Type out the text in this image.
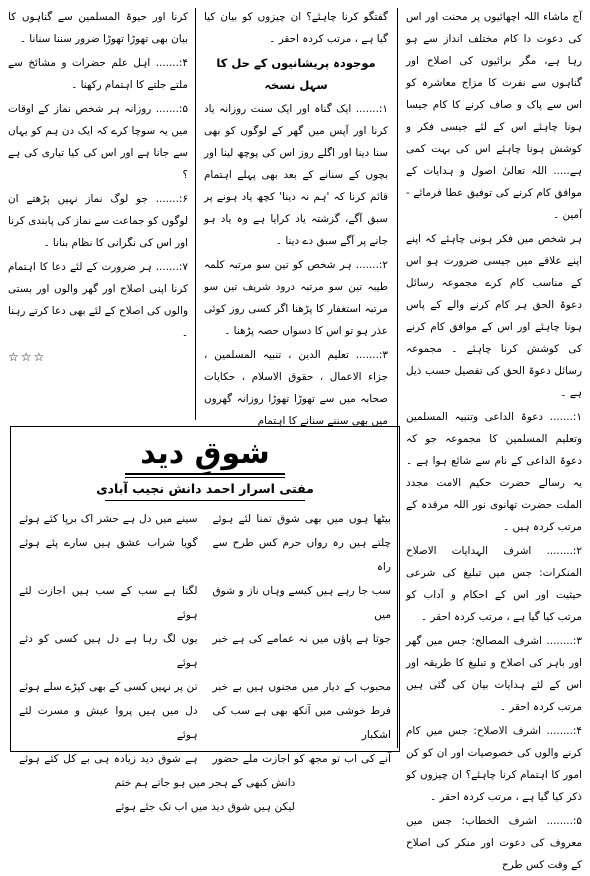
آج ماشاء اللہ اچھائیوں پر محنت اور اس کی دعوت دا کام مختلف انداز سے ہو رہا ہے، مگر برائیوں کی اصلاح اور گناہوں سے نفرت کا مزاج معاشرہ کو اس سے پاک و صاف کرنے کا کام جیسا ہونا چاہئے اس کے لئے جیسی فکر و کوشش ہونا چاہئے اس کی بہت کمی ہے..... اللہ تعالیٰ اصول و ہدایات کے موافق کام کرنے کی توفیق عطا فرمائے - آمین ۔

ہر شخص میں فکر ہونی چاہئے کہ اپنے اپنے علاقے میں جیسی ضرورت ہو اس کے مناسب کام کرے مجموعہ رسائل دعوۃ الحق ہر کام کرنے والے کے پاس ہونا چاہئے اور اس کے موافق کام کرنے کی کوشش کرنا چاہئے ۔ مجموعہ رسائل دعوۃ الحق کی تفصیل حسب ذیل ہے ۔

۱:....... دعوۃ الداعی وتنبیہ المسلمین وتعلیم المسلمین کا مجموعہ جو کہ دعوۃ الداعی کے نام سے شائع ہوا ہے ۔ یہ رسالے حضرت حکیم الامت مجدد الملت حضرت تھانوی نور اللہ مرقدہ کے مرتب کردہ ہیں ۔

۲:........ اشرف الہدایات الاصلاح المنکرات: جس میں تبلیغ کی شرعی حیثیت اور اس کے احکام و آداب کو مرتب کیا گیا ہے ، مرتب کردہ احقر ۔

۳:........ اشرف المصالح: جس میں گھر اور باہر کی اصلاح و تبلیغ کا طریقہ اور اس کے لئے ہدایات بیان کی گئی ہیں مرتب کردہ احقر ۔

۴:........ اشرف الاصلاح: جس میں کام کرنے والوں کی خصوصیات اور ان کو کن امور کا اہتمام کرنا چاہئے؟ ان چیزوں کو ذکر کیا گیا ہے ، مرتب کردہ احقر ۔

۵:........ اشرف الخطاب: جس میں معروف کی دعوت اور منکر کی اصلاح کے وقت کس طرح

گفتگو کرنا چاہئے؟ ان چیزوں کو بیان کیا گیا ہے ، مرتب کردہ احقر ۔

موجودہ پریشانیوں کے حل کا سہل نسخہ

۱:....... ایک گناہ اور ایک سنت روزانہ یاد کرنا اور آپس میں گھر کے لوگوں کو بھی سنا دینا اور اگلے روز اس کی پوچھ لینا اور بچوں کے سنانے کے بعد بھی پہلے اہتمام قائم کرنا کہ 'ہم نہ دینا' کچھ یاد ہونے پر سبق آگے، گزشتہ یاد کرایا ہے وہ یاد ہو جانے پر آگے سبق دے دینا ۔

۲:....... ہر شخص کو تین سو مرتبہ کلمہ طیبہ تین سو مرتبہ درود شریف تین سو مرتبہ استغفار کا پڑھنا اگر کسی روز کوئی عذر ہو تو اس کا دسواں حصہ پڑھنا ۔

۳:....... تعلیم الدین ، تنبیہ المسلمین ، جزاء الاعمال ، حقوق الاسلام ، حکایات صحابہ میں سے تھوڑا تھوڑا روزانہ گھروں میں بھی سننے سنانے کا اہتمام

کرنا اور حیوۃ المسلمین سے گناہوں کا بیان بھی تھوڑا تھوڑا ضرور سننا سنانا ۔

۴:....... اہل علم حضرات و مشائخ سے ملتے جلتے کا اہتمام رکھنا ۔

۵:....... روزانہ ہر شخص نماز کے اوقات میں یہ سوچا کرے کہ ایک دن ہم کو یہاں سے جانا ہے اور اس کی کیا تیاری کی ہے ؟

۶:....... جو لوگ نماز نہیں پڑھتے ان لوگوں کو جماعت سے نماز کی پابندی کرنا اور اس کی نگرانی کا نظام بنانا ۔

۷:....... ہر ضرورت کے لئے دعا کا اہتمام کرنا اپنی اصلاح اور گھر والوں اور بستی والوں کی اصلاح کے لئے بھی دعا کرتے رہنا ۔

☆☆☆
شوقِ دید
مفتی اسرار احمد دانش نجیب آبادی
بیٹھا ہوں میں بھی شوق تمنا لئے ہوئے
سینے میں دل ہے حشر اک برپا کئے ہوئے
چلتے ہیں رہ رواں حرم کس طرح سے راہ
گویا شراب عشق ہیں سارے پئے ہوئے
سب جا رہے ہیں کیسے وہاں ناز و شوق میں
لگتا ہے سب کے سب ہیں اجازت لئے ہوئے
جوتا ہے پاؤں میں نہ عمامے کی ہے خبر
یوں لگ رہا ہے دل ہیں کسی کو دئے ہوئے
محبوب کے دیار میں مجنوں ہیں بے خبر
تن پر نہیں کسی کے بھی کپڑے سلے ہوئے
فرط خوشی میں آنکھ بھی ہے سب کی اشکبار
دل میں ہیں پروا عیش و مسرت لئے ہوئے
آنے کی اب تو مجھ کو اجازت ملے حضور
ہے شوق دید زیادہ ہی بے کل کئے ہوئے
دانش کبھی کے ہجر میں ہو جاتے ہم ختم
لیکن ہیں شوق دید میں اب تک جئے ہوئے
